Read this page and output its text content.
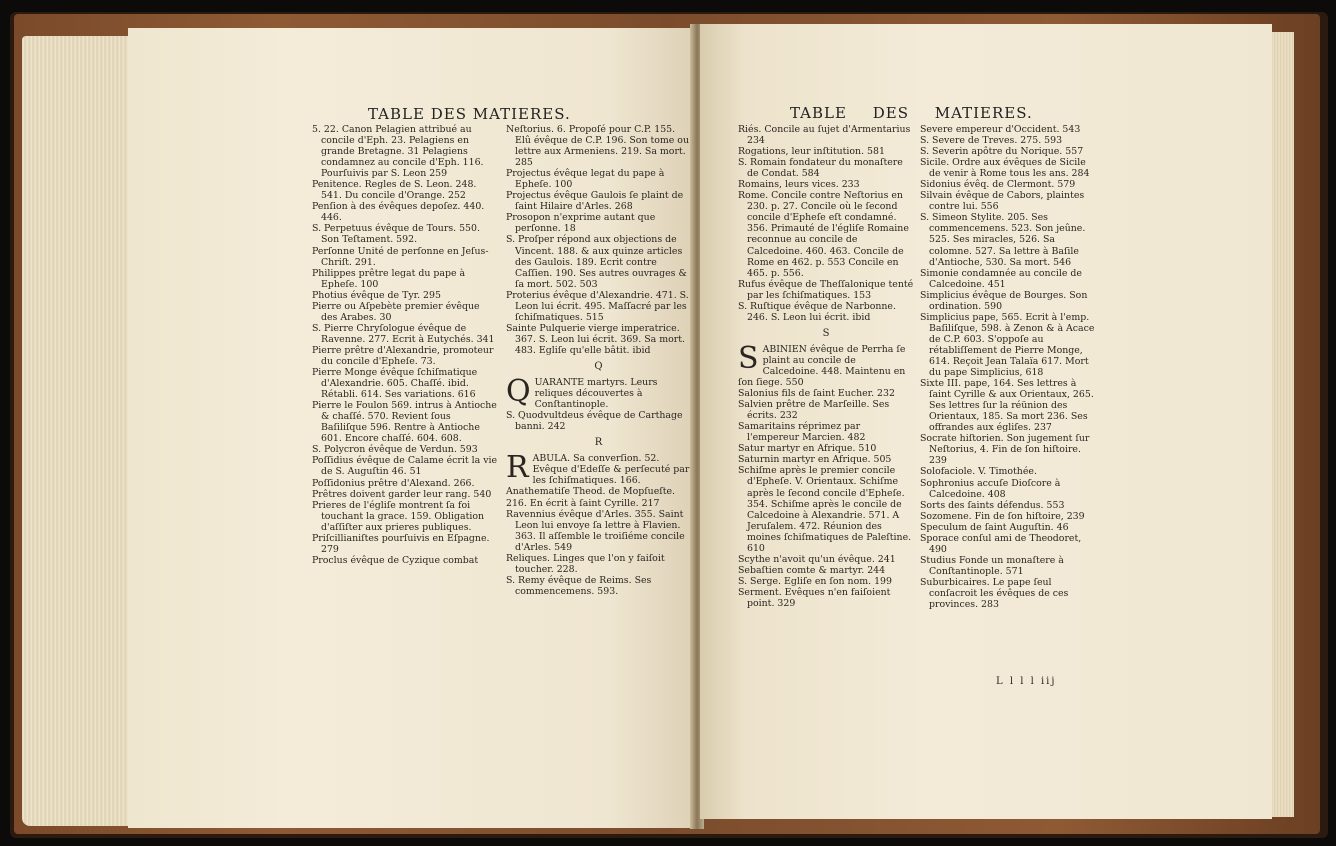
TABLE DES MATIERES.

5. 22. Canon Pelagien attribué au concile d'Eph. 23. Pelagiens en grande Bretagne. 31 Pelagiens condamnez au concile d'Eph. 116. Pourſuivis par S. Leon 259

Penitence. Regles de S. Leon. 248. 541. Du concile d'Orange. 252

Penſion à des évêques depoſez. 440. 446.

S. Perpetuus évêque de Tours. 550. Son Teſtament. 592.

Perſonne Unité de perſonne en Jeſus-Chriſt. 291.

Philippes prêtre legat du pape à Epheſe. 100

Photius évêque de Tyr. 295

Pierre ou Aſpebète premier évêque des Arabes. 30

S. Pierre Chryſologue évêque de Ravenne. 277. Ecrit à Eutychés. 341

Pierre prêtre d'Alexandrie, promoteur du concile d'Epheſe. 73.

Pierre Monge évêque ſchiſmatique d'Alexandrie. 605. Chaſſé. ibid. Rétabli. 614. Ses variations. 616

Pierre le Foulon 569. intrus à Antioche & chaſſé. 570. Revient ſous Baſiliſque 596. Rentre à Antioche 601. Encore chaſſé. 604. 608.

S. Polycron évêque de Verdun. 593

Poſſidius évêque de Calame écrit la vie de S. Auguſtin 46. 51

Poſſidonius prêtre d'Alexand. 266.

Prêtres doivent garder leur rang. 540

Prieres de l'égliſe montrent ſa foi touchant la grace. 159. Obligation d'aſſiſter aux prieres publiques.

Priſcillianiſtes pourſuivis en Eſpagne. 279

Proclus évêque de Cyzique combat

Neſtorius. 6. Propoſé pour C.P. 155. Elû évêque de C.P. 196. Son tome ou lettre aux Armeniens. 219. Sa mort. 285

Projectus évêque legat du pape à Epheſe. 100

Projectus évêque Gaulois ſe plaint de ſaint Hilaire d'Arles. 268

Prosopon n'exprime autant que perſonne. 18

S. Proſper répond aux objections de Vincent. 188. & aux quinze articles des Gaulois. 189. Ecrit contre Caſſien. 190. Ses autres ouvrages & ſa mort. 502. 503

Proterius évêque d'Alexandrie. 471. S. Leon lui écrit. 495. Maſſacré par les ſchiſmatiques. 515

Sainte Pulquerie vierge imperatrice. 367. S. Leon lui écrit. 369. Sa mort. 483. Egliſe qu'elle bâtit. ibid

Q

QUARANTE martyrs. Leurs reliques découvertes à Conſtantinople.

S. Quodvultdeus évêque de Carthage banni. 242

R

RABULA. Sa converſion. 52. Evêque d'Edeſſe & perſecuté par les ſchiſmatiques. 166. Anathematiſe Theod. de Mopſueſte. 216. En écrit à ſaint Cyrille. 217

Ravennius évêque d'Arles. 355. Saint Leon lui envoye ſa lettre à Flavien. 363. Il aſſemble le troiſiéme concile d'Arles. 549

Reliques. Linges que l'on y faiſoit toucher. 228.

S. Remy évêque de Reims. Ses commencemens. 593.

TABLE DES MATIERES.

Riés. Concile au ſujet d'Armentarius 234

Rogations, leur inſtitution. 581

S. Romain fondateur du monaſtere de Condat. 584

Romains, leurs vices. 233

Rome. Concile contre Neſtorius en 230. p. 27. Concile où le ſecond concile d'Epheſe eſt condamné. 356. Primauté de l'égliſe Romaine reconnue au concile de Calcedoine. 460. 463. Concile de Rome en 462. p. 553 Concile en 465. p. 556.

Rufus évêque de Theſſalonique tenté par les ſchiſmatiques. 153

S. Ruſtique évêque de Narbonne. 246. S. Leon lui écrit. ibid

S

SABINIEN évêque de Perrha ſe plaint au concile de Calcedoine. 448. Maintenu en ſon ſiege. 550

Salonius fils de ſaint Eucher. 232

Salvien prêtre de Marſeille. Ses écrits. 232

Samaritains réprimez par l'empereur Marcien. 482

Satur martyr en Afrique. 510

Saturnin martyr en Afrique. 505

Schiſme après le premier concile d'Epheſe. V. Orientaux. Schiſme après le ſecond concile d'Epheſe. 354. Schiſme après le concile de Calcedoine à Alexandrie. 571. A Jeruſalem. 472. Réunion des moines ſchiſmatiques de Paleſtine. 610

Scythe n'avoit qu'un évêque. 241

Sebaſtien comte & martyr. 244

S. Serge. Egliſe en ſon nom. 199

Serment. Evêques n'en faiſoient point. 329

Severe empereur d'Occident. 543

S. Severe de Treves. 275. 593

S. Severin apôtre du Norique. 557

Sicile. Ordre aux évêques de Sicile de venir à Rome tous les ans. 284

Sidonius évêq. de Clermont. 579

Silvain évêque de Cabors, plaintes contre lui. 556

S. Simeon Stylite. 205. Ses commencemens. 523. Son jeûne. 525. Ses miracles, 526. Sa colomne. 527. Sa lettre à Baſile d'Antioche, 530. Sa mort. 546

Simonie condamnée au concile de Calcedoine. 451

Simplicius évêque de Bourges. Son ordination. 590

Simplicius pape, 565. Ecrit à l'emp. Baſiliſque, 598. à Zenon & à Acace de C.P. 603. S'oppoſe au rétabliſſement de Pierre Monge, 614. Reçoit Jean Talaïa 617. Mort du pape Simplicius, 618

Sixte III. pape, 164. Ses lettres à ſaint Cyrille & aux Orientaux, 265. Ses lettres ſur la réünion des Orientaux, 185. Sa mort 236. Ses offrandes aux égliſes. 237

Socrate hiſtorien. Son jugement ſur Neſtorius, 4. Fin de ſon hiſtoire. 239

Solofaciole. V. Timothée.

Sophronius accuſe Dioſcore à Calcedoine. 408

Sorts des ſaints défendus. 553

Sozomene. Fin de ſon hiſtoire, 239

Speculum de ſaint Auguſtin. 46

Sporace conſul ami de Theodoret, 490

Studius Fonde un monaſtere à Conſtantinople. 571

Suburbicaires. Le pape ſeul conſacroit les évêques de ces provinces. 283

L l l l iij
